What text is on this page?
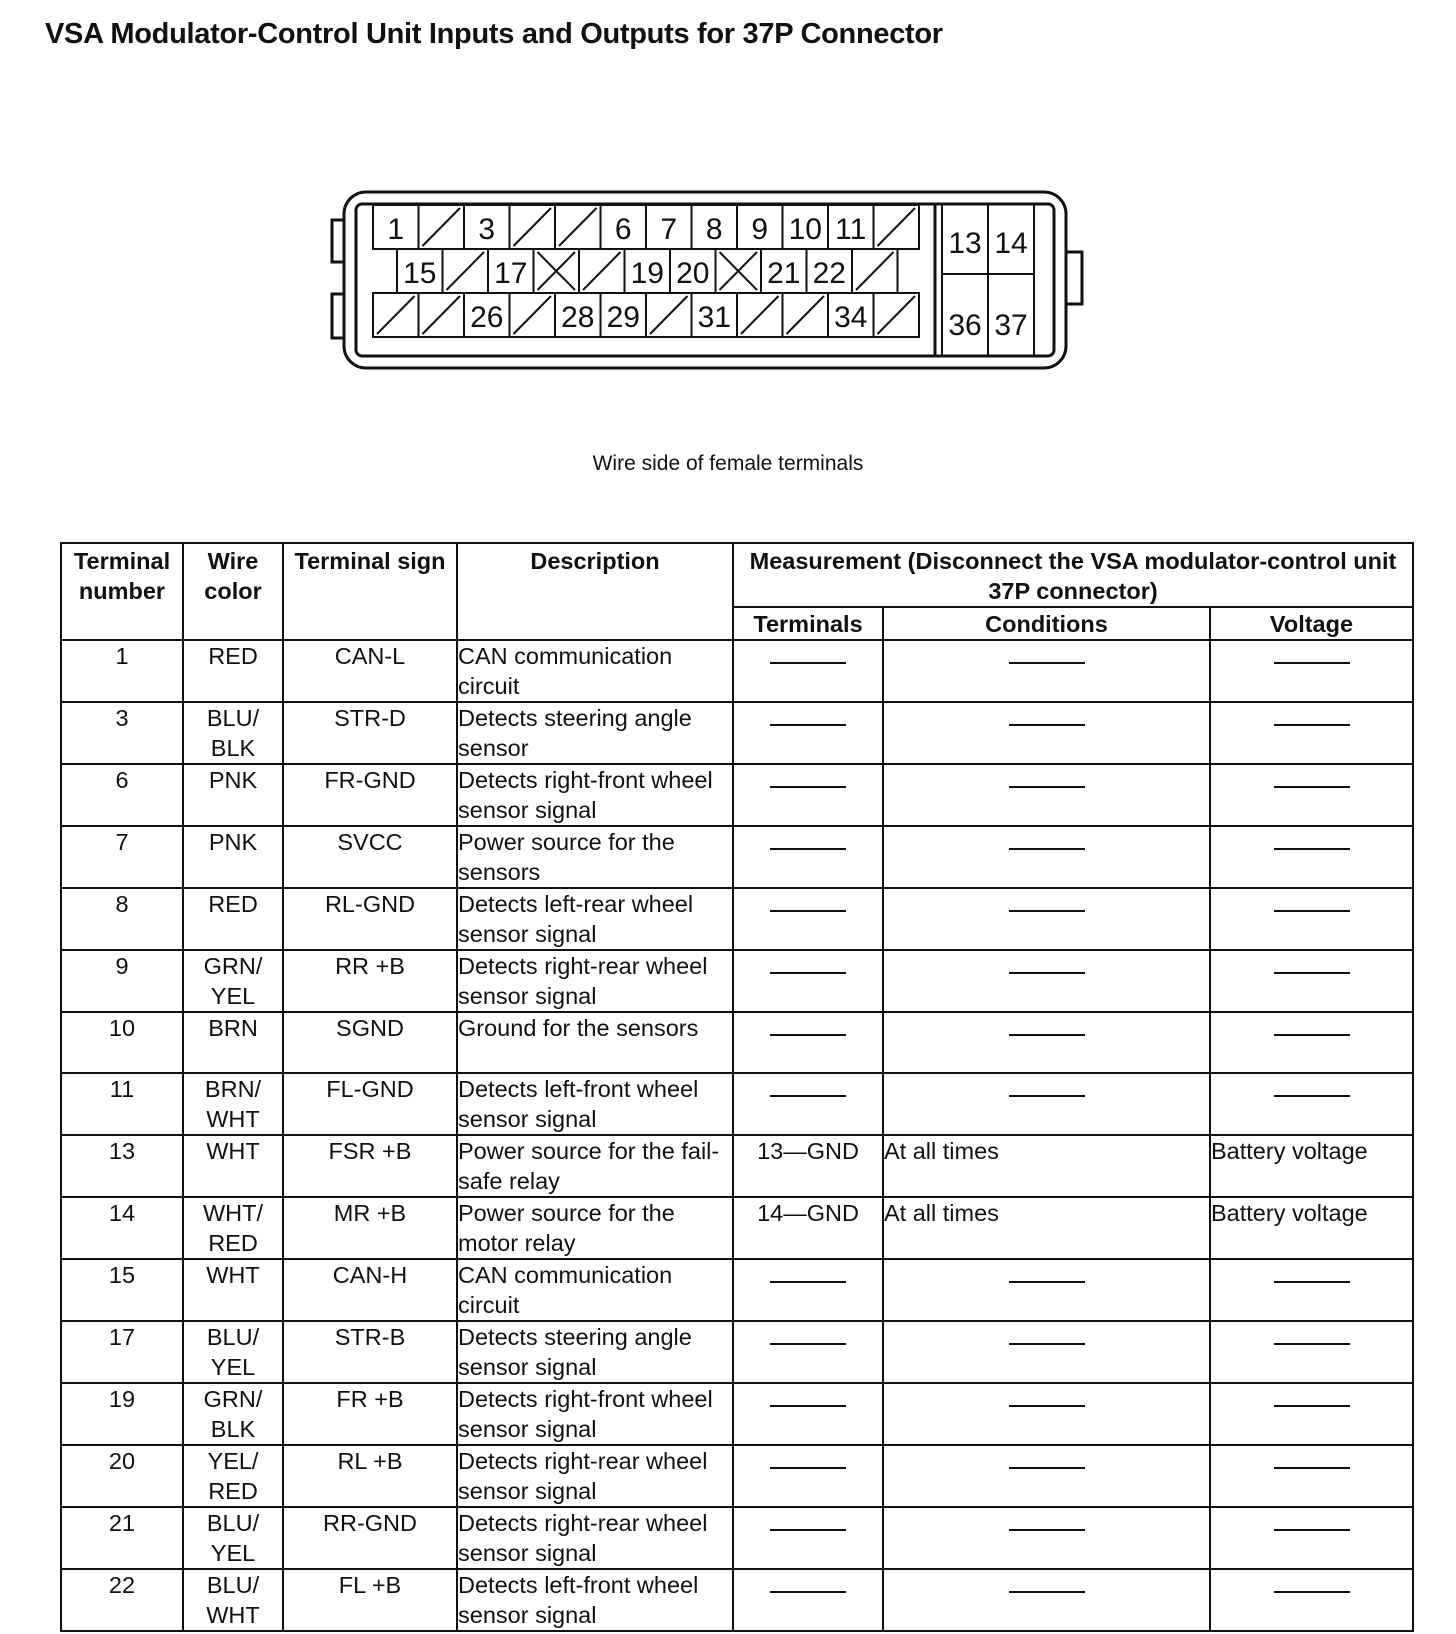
VSA Modulator-Control Unit Inputs and Outputs for 37P Connector
1 3	6 7 8 9 10 11
15 17	19 20 21 22
26 28 29 31	34
13 14
36 37
Wire side of female terminals
Terminal number	Wire color	Terminal sign	Description	Measurement (Disconnect the VSA modulator-control unit 37P connector)		
				Terminals	Conditions	Voltage
1	RED	CAN-L	CAN communication circuit			
3	BLU/ BLK	STR-D	Detects steering angle sensor			
6	PNK	FR-GND	Detects right-front wheel sensor signal			
7	PNK	SVCC	Power source for the sensors			
8	RED	RL-GND	Detects left-rear wheel sensor signal			
9	GRN/ YEL	RR +B	Detects right-rear wheel sensor signal			
10	BRN	SGND	Ground for the sensors			
11	BRN/ WHT	FL-GND	Detects left-front wheel sensor signal			
13	WHT	FSR +B	Power source for the fail-safe relay	13—GND	At all times	Battery voltage
14	WHT/ RED	MR +B	Power source for the motor relay	14—GND	At all times	Battery voltage
15	WHT	CAN-H	CAN communication circuit			
17	BLU/ YEL	STR-B	Detects steering angle sensor signal			
19	GRN/ BLK	FR +B	Detects right-front wheel sensor signal			
20	YEL/ RED	RL +B	Detects right-rear wheel sensor signal			
21	BLU/ YEL	RR-GND	Detects right-rear wheel sensor signal			
22	BLU/ WHT	FL +B	Detects left-front wheel sensor signal			
